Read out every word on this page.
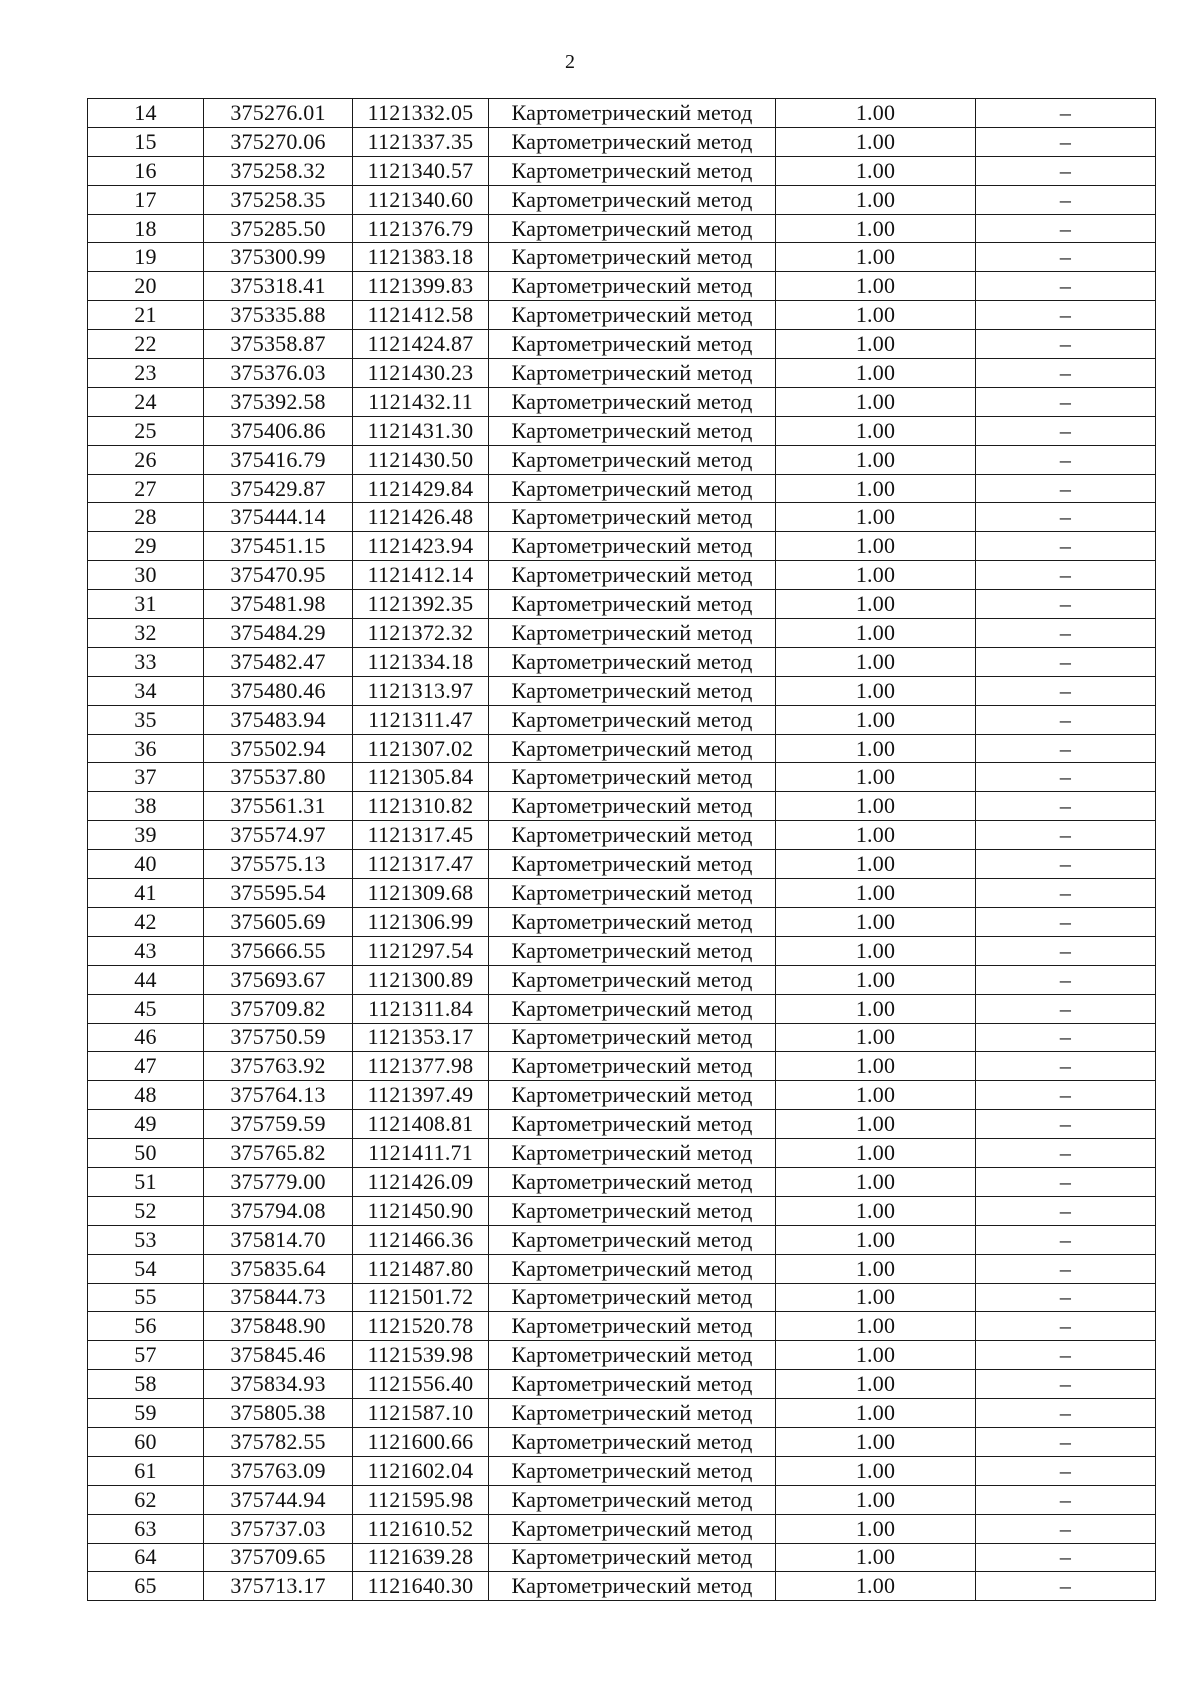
2
14	375276.01	1121332.05	Картометрический метод	1.00	–
15	375270.06	1121337.35	Картометрический метод	1.00	–
16	375258.32	1121340.57	Картометрический метод	1.00	–
17	375258.35	1121340.60	Картометрический метод	1.00	–
18	375285.50	1121376.79	Картометрический метод	1.00	–
19	375300.99	1121383.18	Картометрический метод	1.00	–
20	375318.41	1121399.83	Картометрический метод	1.00	–
21	375335.88	1121412.58	Картометрический метод	1.00	–
22	375358.87	1121424.87	Картометрический метод	1.00	–
23	375376.03	1121430.23	Картометрический метод	1.00	–
24	375392.58	1121432.11	Картометрический метод	1.00	–
25	375406.86	1121431.30	Картометрический метод	1.00	–
26	375416.79	1121430.50	Картометрический метод	1.00	–
27	375429.87	1121429.84	Картометрический метод	1.00	–
28	375444.14	1121426.48	Картометрический метод	1.00	–
29	375451.15	1121423.94	Картометрический метод	1.00	–
30	375470.95	1121412.14	Картометрический метод	1.00	–
31	375481.98	1121392.35	Картометрический метод	1.00	–
32	375484.29	1121372.32	Картометрический метод	1.00	–
33	375482.47	1121334.18	Картометрический метод	1.00	–
34	375480.46	1121313.97	Картометрический метод	1.00	–
35	375483.94	1121311.47	Картометрический метод	1.00	–
36	375502.94	1121307.02	Картометрический метод	1.00	–
37	375537.80	1121305.84	Картометрический метод	1.00	–
38	375561.31	1121310.82	Картометрический метод	1.00	–
39	375574.97	1121317.45	Картометрический метод	1.00	–
40	375575.13	1121317.47	Картометрический метод	1.00	–
41	375595.54	1121309.68	Картометрический метод	1.00	–
42	375605.69	1121306.99	Картометрический метод	1.00	–
43	375666.55	1121297.54	Картометрический метод	1.00	–
44	375693.67	1121300.89	Картометрический метод	1.00	–
45	375709.82	1121311.84	Картометрический метод	1.00	–
46	375750.59	1121353.17	Картометрический метод	1.00	–
47	375763.92	1121377.98	Картометрический метод	1.00	–
48	375764.13	1121397.49	Картометрический метод	1.00	–
49	375759.59	1121408.81	Картометрический метод	1.00	–
50	375765.82	1121411.71	Картометрический метод	1.00	–
51	375779.00	1121426.09	Картометрический метод	1.00	–
52	375794.08	1121450.90	Картометрический метод	1.00	–
53	375814.70	1121466.36	Картометрический метод	1.00	–
54	375835.64	1121487.80	Картометрический метод	1.00	–
55	375844.73	1121501.72	Картометрический метод	1.00	–
56	375848.90	1121520.78	Картометрический метод	1.00	–
57	375845.46	1121539.98	Картометрический метод	1.00	–
58	375834.93	1121556.40	Картометрический метод	1.00	–
59	375805.38	1121587.10	Картометрический метод	1.00	–
60	375782.55	1121600.66	Картометрический метод	1.00	–
61	375763.09	1121602.04	Картометрический метод	1.00	–
62	375744.94	1121595.98	Картометрический метод	1.00	–
63	375737.03	1121610.52	Картометрический метод	1.00	–
64	375709.65	1121639.28	Картометрический метод	1.00	–
65	375713.17	1121640.30	Картометрический метод	1.00	–
